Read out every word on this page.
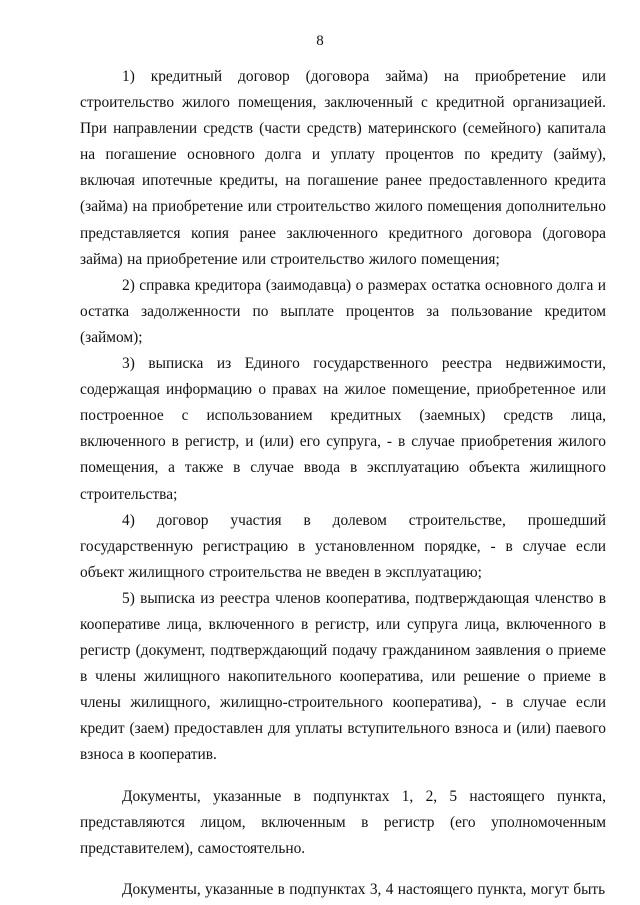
8

1) кредитный договор (договора займа) на приобретение или строительство жилого помещения, заключенный с кредитной организацией. При направлении средств (части средств) материнского (семейного) капитала на погашение основного долга и уплату процентов по кредиту (займу), включая ипотечные кредиты, на погашение ранее предоставленного кредита (займа) на приобретение или строительство жилого помещения дополнительно представляется копия ранее заключенного кредитного договора (договора займа) на приобретение или строительство жилого помещения;

2) справка кредитора (заимодавца) о размерах остатка основного долга и остатка задолженности по выплате процентов за пользование кредитом (займом);

3) выписка из Единого государственного реестра недвижимости, содержащая информацию о правах на жилое помещение, приобретенное или построенное с использованием кредитных (заемных) средств лица, включенного в регистр, и (или) его супруга, - в случае приобретения жилого помещения, а также в случае ввода в эксплуатацию объекта жилищного строительства;

4) договор участия в долевом строительстве, прошедший государственную регистрацию в установленном порядке, - в случае если объект жилищного строительства не введен в эксплуатацию;

5) выписка из реестра членов кооператива, подтверждающая членство в кооперативе лица, включенного в регистр, или супруга лица, включенного в регистр (документ, подтверждающий подачу гражданином заявления о приеме в члены жилищного накопительного кооператива, или решение о приеме в члены жилищного, жилищно-строительного кооператива), - в случае если кредит (заем) предоставлен для уплаты вступительного взноса и (или) паевого взноса в кооператив.

Документы, указанные в подпунктах 1, 2, 5 настоящего пункта, представляются лицом, включенным в регистр (его уполномоченным представителем), самостоятельно.

Документы, указанные в подпунктах 3, 4 настоящего пункта, могут быть
